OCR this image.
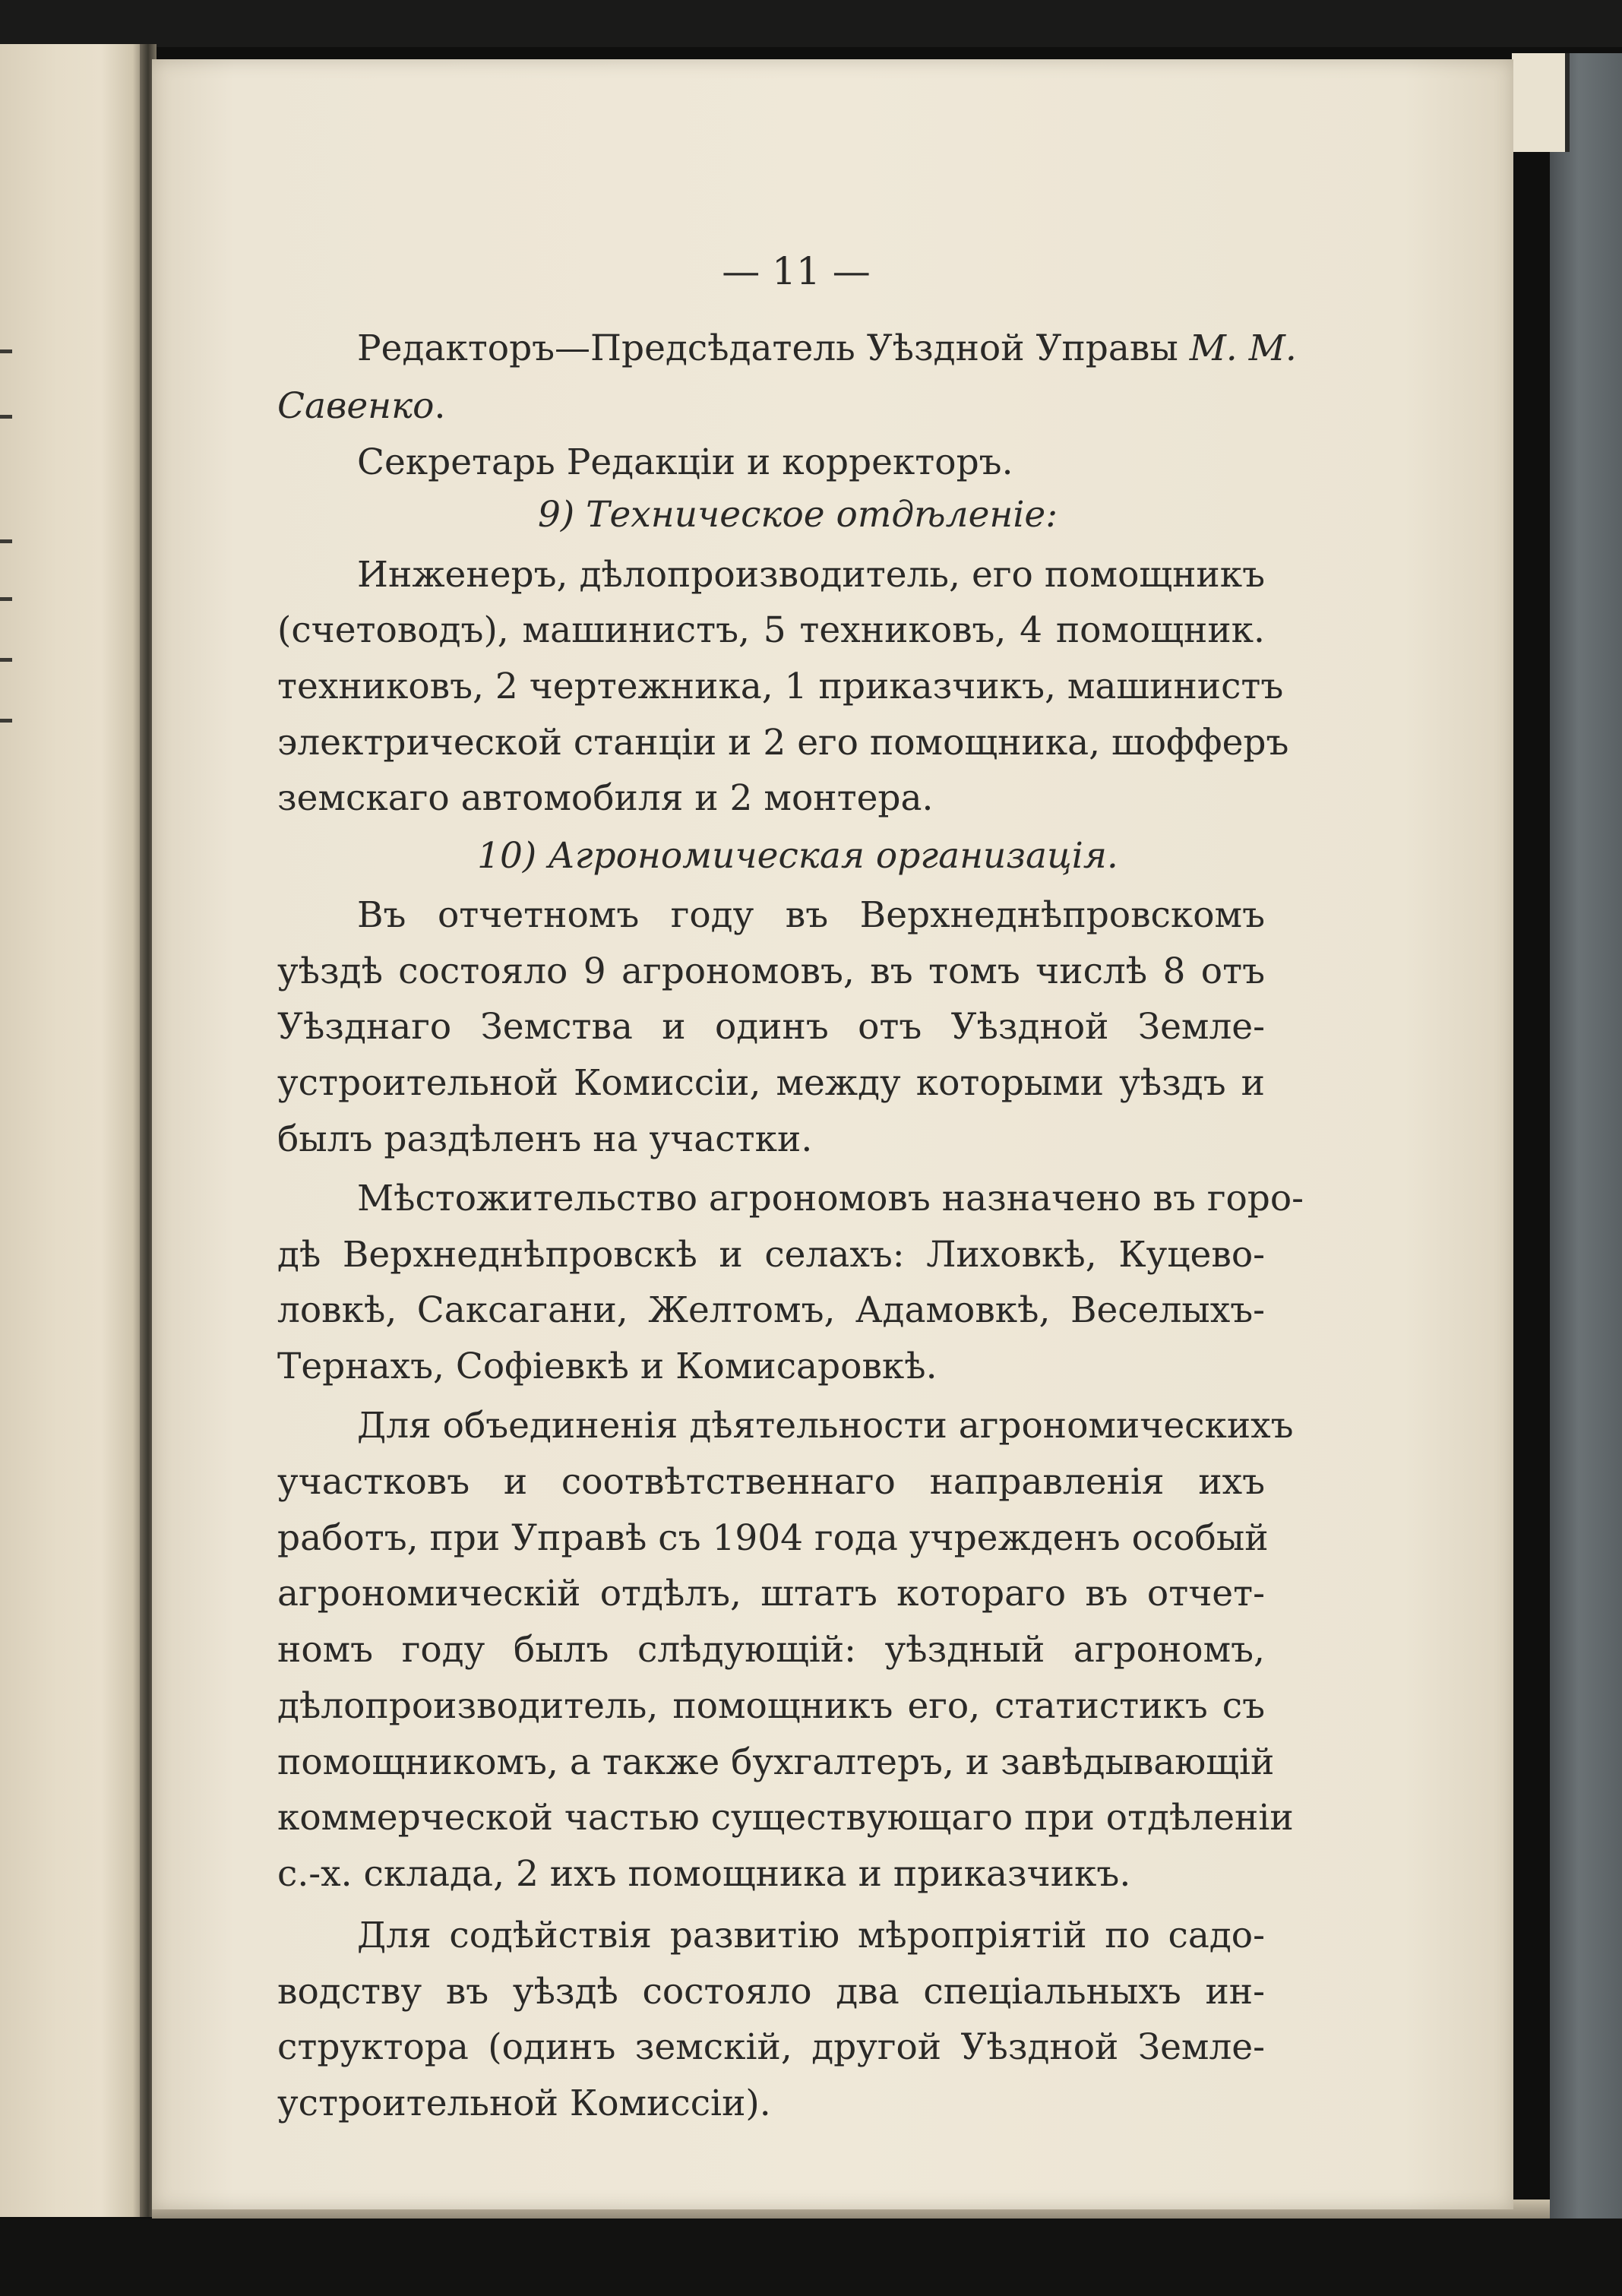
— 11 —
Редакторъ—Предсѣдатель Уѣздной Управы М. М.
Савенко.
Секретарь Редакціи и корректоръ.
9) Техническое отдѣленіе:
Инженеръ, дѣлопроизводитель, его помощникъ
(счетоводъ), машинистъ, 5 техниковъ, 4 помощник.
техниковъ, 2 чертежника, 1 приказчикъ, машинистъ
электрической станціи и 2 его помощника, шофферъ
земскаго автомобиля и 2 монтера.
10) Агрономическая организація.
Въ отчетномъ году въ Верхнеднѣпровскомъ
уѣздѣ состояло 9 агрономовъ, въ томъ числѣ 8 отъ
Уѣзднаго Земства и одинъ отъ Уѣздной Земле-
устроительной Комиссіи, между которыми уѣздъ и
былъ раздѣленъ на участки.
Мѣстожительство агрономовъ назначено въ горо-
дѣ Верхнеднѣпровскѣ и селахъ: Лиховкѣ, Куцево-
ловкѣ, Саксагани, Желтомъ, Адамовкѣ, Веселыхъ-
Тернахъ, Софіевкѣ и Комисаровкѣ.
Для объединенія дѣятельности агрономическихъ
участковъ и соотвѣтственнаго направленія ихъ
работъ, при Управѣ съ 1904 года учрежденъ особый
агрономическій отдѣлъ, штатъ котораго въ отчет-
номъ году былъ слѣдующій: уѣздный агрономъ,
дѣлопроизводитель, помощникъ его, статистикъ съ
помощникомъ, а также бухгалтеръ, и завѣдывающій
коммерческой частью существующаго при отдѣленіи
с.-х. склада, 2 ихъ помощника и приказчикъ.
Для содѣйствія развитію мѣропріятій по садо-
водству въ уѣздѣ состояло два спеціальныхъ ин-
структора (одинъ земскій, другой Уѣздной Земле-
устроительной Комиссіи).
